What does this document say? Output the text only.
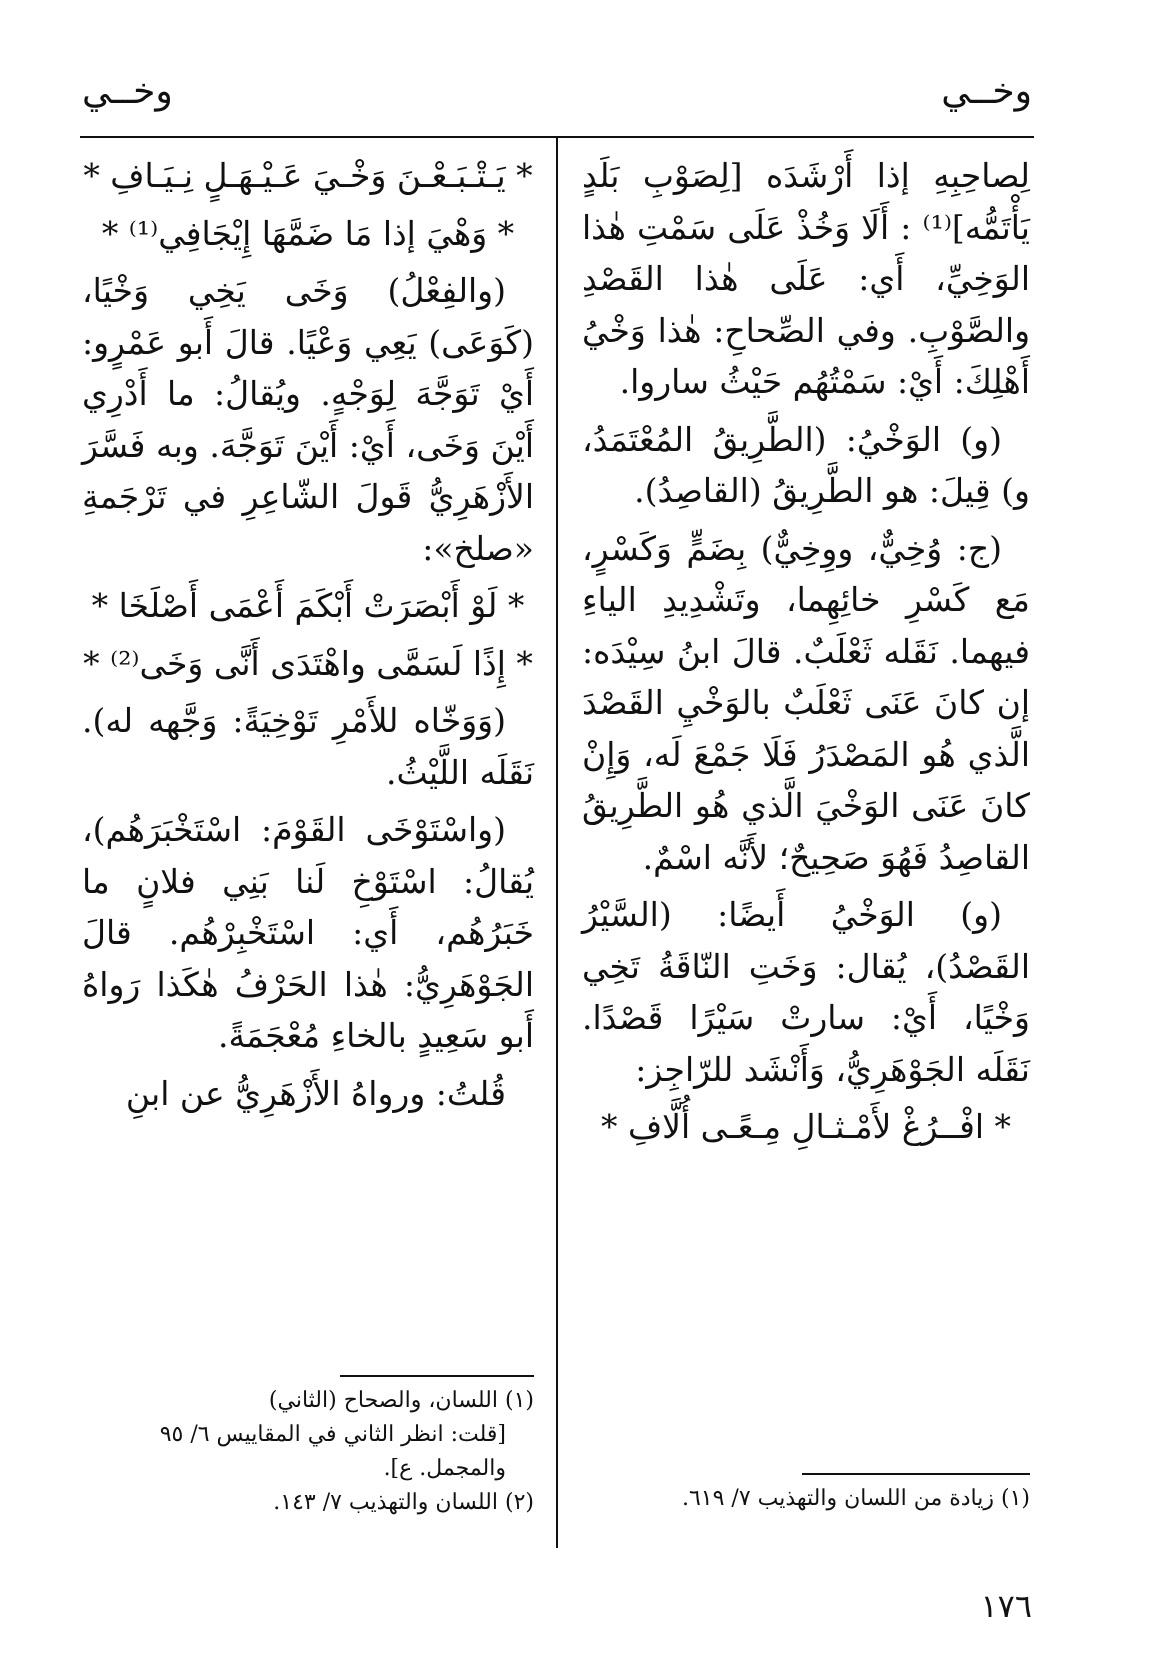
وخــي
وخــي

لِصاحِبِهِ إذا أَرْشَدَه [لِصَوْبِ بَلَدٍ يَأْتَمُّه]⁽¹⁾ : أَلَا وَخُذْ عَلَى سَمْتِ هٰذا الوَخِيِّ، أَي: عَلَى هٰذا القَصْدِ والصَّوْبِ. وفي الصِّحاحِ: هٰذا وَخْيُ أَهْلِكَ: أَيْ: سَمْتُهُم حَيْثُ ساروا.

(و) الوَخْيُ: (الطَّرِيقُ المُعْتَمَدُ، و) قِيلَ: هو الطَّرِيقُ (القاصِدُ).

(ج: وُخِيٌّ، ووِخِيٌّ) بِضَمٍّ وَكَسْرٍ، مَع كَسْرِ خائِهِما، وتَشْدِيدِ الياءِ فيهما. نَقَله ثَعْلَبٌ. قالَ ابنُ سِيْدَه: إن كانَ عَنَى ثَعْلَبٌ بالوَخْيِ القَصْدَ الَّذي هُو المَصْدَرُ فَلَا جَمْعَ لَه، وَإِنْ كانَ عَنَى الوَخْيَ الَّذي هُو الطَّرِيقُ القاصِدُ فَهُوَ صَحِيحٌ؛ لأَنَّه اسْمٌ.

(و) الوَخْيُ أَيضًا: (السَّيْرُ القَصْدُ)، يُقال: وَخَتِ النّاقَةُ تَخِي وَخْيًا، أَيْ: سارتْ سَيْرًا قَصْدًا. نَقَلَه الجَوْهَرِيُّ، وَأَنْشَد للرّاجِز:

* افْــرُغْ لأَمْـثـالِ مِـعًـى أُلَّافِ *
* يَـتْـبَـعْـنَ وَخْـيَ عَـيْـهَـلٍ نِـيَـافِ *
* وَهْيَ إذا مَا ضَمَّهَا إِيْجَافِي⁽¹⁾ *

(والفِعْلُ) وَخَى يَخِي وَخْيًا، (كَوَعَى) يَعِي وَعْيًا. قالَ أَبو عَمْرٍو: أَيْ تَوَجَّهَ لِوَجْهٍ. ويُقالُ: ما أَدْرِي أَيْنَ وَخَى، أَيْ: أَيْنَ تَوَجَّهَ. وبه فَسَّرَ الأَزْهَرِيُّ قَولَ الشّاعِرِ في تَرْجَمةِ «صلخ»:

* لَوْ أَبْصَرَتْ أَبْكَمَ أَعْمَى أَصْلَخَا *
* إِذًا لَسَمَّى واهْتَدَى أَنَّى وَخَى⁽²⁾ *

(وَوَخّاه للأَمْرِ تَوْخِيَةً: وَجَّهه له). نَقَلَه اللَّيْثُ.

(واسْتَوْخَى القَوْمَ: اسْتَخْبَرَهُم)، يُقالُ: اسْتَوْخِ لَنا بَنِي فلانٍ ما خَبَرُهُم، أَي: اسْتَخْبِرْهُم. قالَ الجَوْهَرِيُّ: هٰذا الحَرْفُ هٰكَذا رَواهُ أَبو سَعِيدٍ بالخاءِ مُعْجَمَةً.

قُلتُ: ورواهُ الأَزْهَرِيُّ عن ابنِ

(١) زيادة من اللسان والتهذيب ٧/ ٦١٩.
(١) اللسان، والصحاح (الثاني)
[قلت: انظر الثاني في المقاييس ٦/ ٩٥ والمجمل. ع].
(٢) اللسان والتهذيب ٧/ ١٤٣.
١٧٦
